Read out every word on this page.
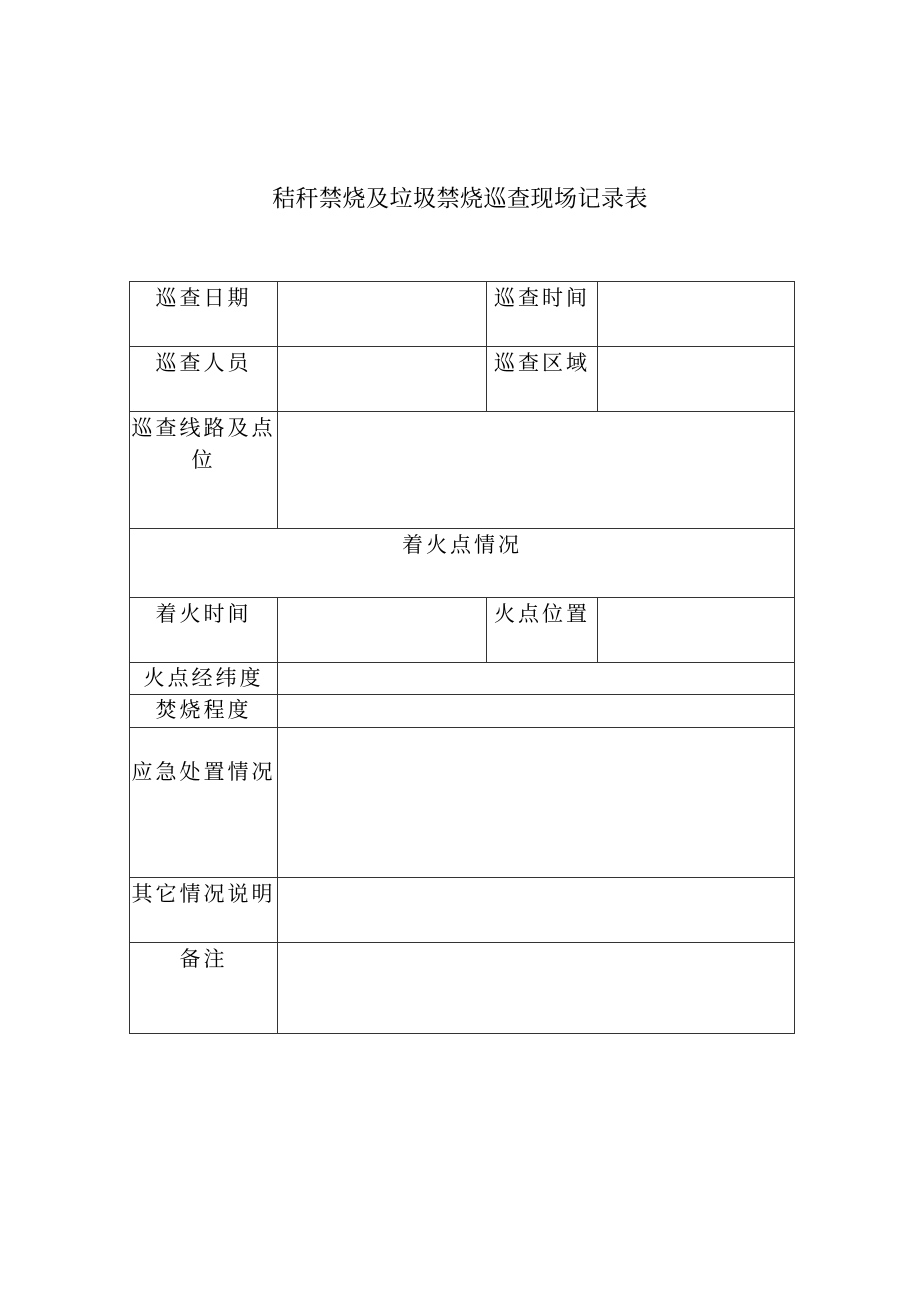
秸秆禁烧及垃圾禁烧巡查现场记录表
巡查日期		巡查时间	
巡查人员		巡查区域	
巡查线路及点位			
着火点情况			
着火时间		火点位置	
火点经纬度			
焚烧程度			
应急处置情况			
其它情况说明			
备注			
